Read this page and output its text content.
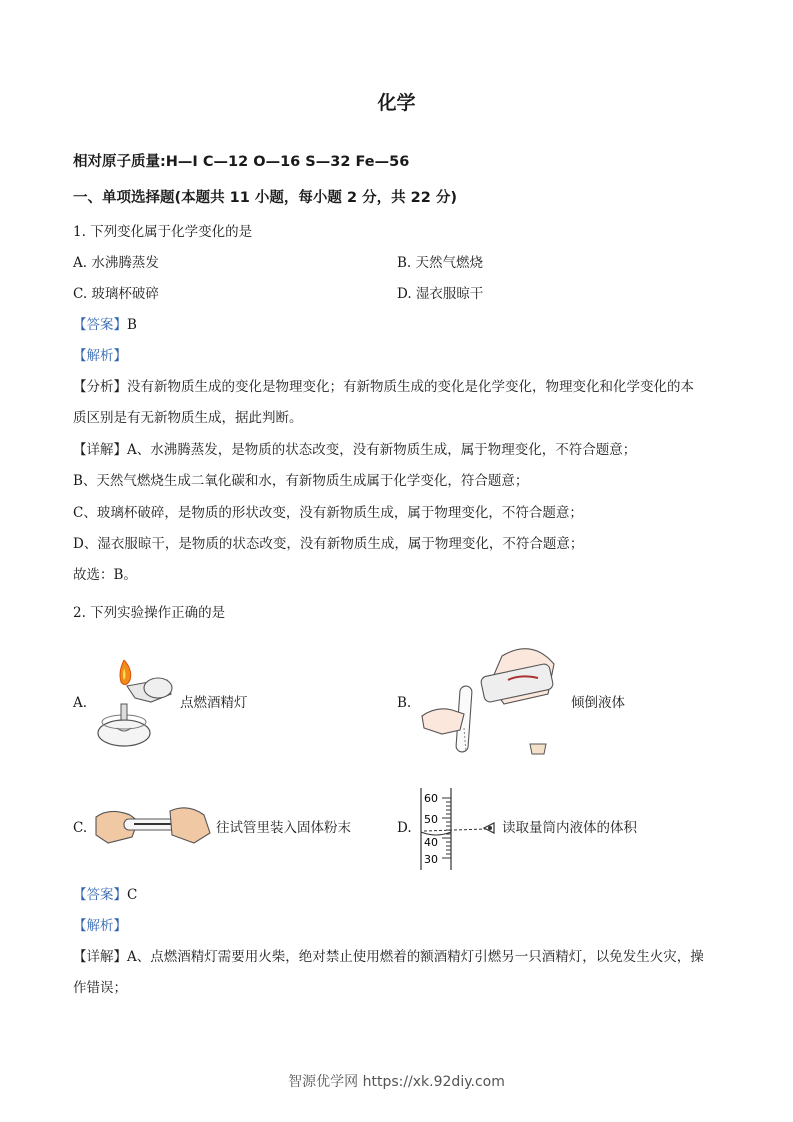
化学
相对原子质量:H—I C—12 O—16 S—32 Fe—56
一、单项选择题(本题共 11 小题，每小题 2 分，共 22 分)
1. 下列变化属于化学变化的是
A. 水沸腾蒸发	B. 天然气燃烧
C. 玻璃杯破碎	D. 湿衣服晾干
【答案】B
【解析】
【分析】没有新物质生成的变化是物理变化；有新物质生成的变化是化学变化，物理变化和化学变化的本
质区别是有无新物质生成，据此判断。
【详解】A、水沸腾蒸发，是物质的状态改变，没有新物质生成，属于物理变化，不符合题意；
B、天然气燃烧生成二氧化碳和水，有新物质生成属于化学变化，符合题意；
C、玻璃杯破碎，是物质的形状改变，没有新物质生成，属于物理变化，不符合题意；
D、湿衣服晾干，是物质的状态改变，没有新物质生成，属于物理变化，不符合题意；
故选：B。
2. 下列实验操作正确的是
A.	点燃酒精灯	B.	倾倒液体
C.	往试管里装入固体粉末	D.
60
50
40
30
读取量筒内液体的体积
【答案】C
【解析】
【详解】A、点燃酒精灯需要用火柴，绝对禁止使用燃着的额酒精灯引燃另一只酒精灯，以免发生火灾，操
作错误；
智源优学网 https://xk.92diy.com
